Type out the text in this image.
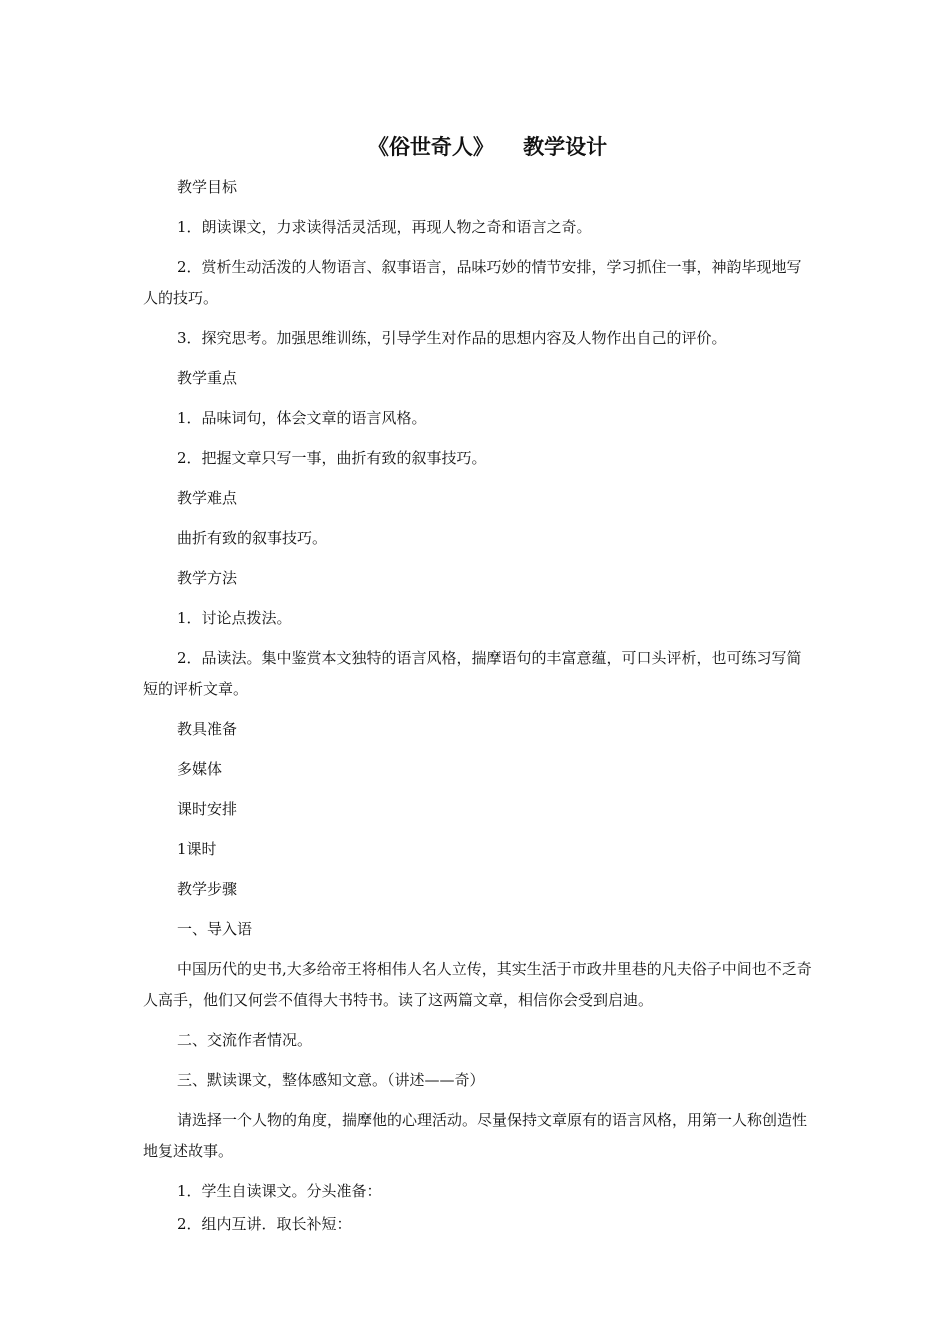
《俗世奇人》    教学设计

教学目标

1．朗读课文，力求读得活灵活现，再现人物之奇和语言之奇。

2．赏析生动活泼的人物语言、叙事语言，品味巧妙的情节安排，学习抓住一事，神韵毕现地写人的技巧。

3．探究思考。加强思维训练，引导学生对作品的思想内容及人物作出自己的评价。

教学重点

1．品味词句，体会文章的语言风格。

2．把握文章只写一事，曲折有致的叙事技巧。

教学难点

曲折有致的叙事技巧。

教学方法

1．讨论点拨法。

2．品读法。集中鉴赏本文独特的语言风格，揣摩语句的丰富意蕴，可口头评析，也可练习写简短的评析文章。

教具准备

多媒体

课时安排

1课时

教学步骤

一、导入语

中国历代的史书,大多给帝王将相伟人名人立传，其实生活于市政井里巷的凡夫俗子中间也不乏奇人高手，他们又何尝不值得大书特书。读了这两篇文章，相信你会受到启迪。

二、交流作者情况。

三、默读课文，整体感知文意。（讲述——奇）

请选择一个人物的角度，揣摩他的心理活动。尽量保持文章原有的语言风格，用第一人称创造性地复述故事。

1．学生自读课文。分头准备：

2．组内互讲．取长补短：
